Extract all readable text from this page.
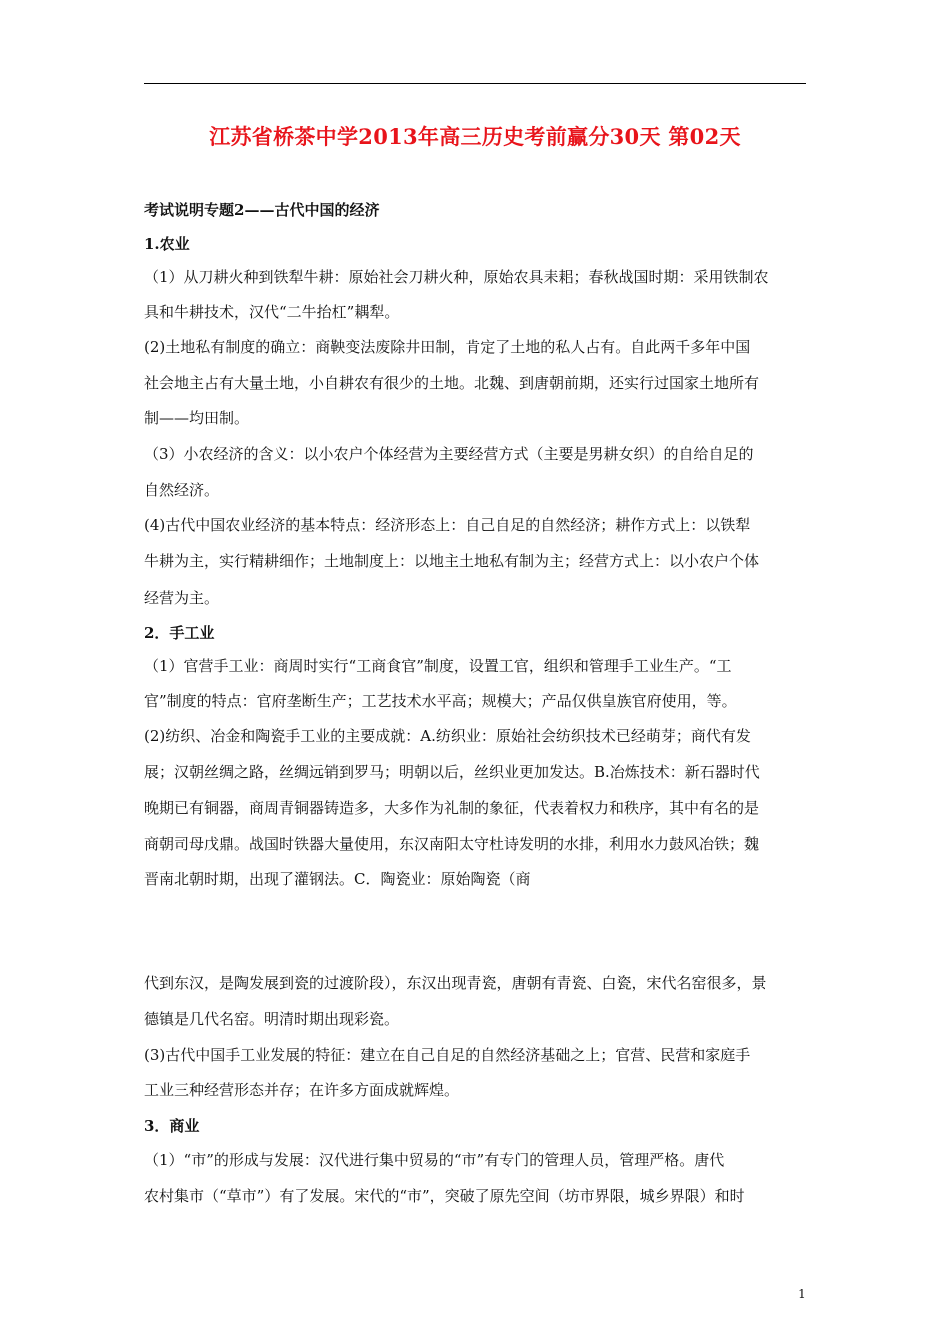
江苏省桥茶中学2013年高三历史考前赢分30天 第02天
考试说明专题2——古代中国的经济
1.农业
（1）从刀耕火种到铁犁牛耕：原始社会刀耕火种，原始农具耒耜；春秋战国时期：采用铁制农
具和牛耕技术，汉代“二牛抬杠”耦犁。
(2)土地私有制度的确立：商鞅变法废除井田制，肯定了土地的私人占有。自此两千多年中国
社会地主占有大量土地，小自耕农有很少的土地。北魏、到唐朝前期，还实行过国家土地所有
制——均田制。
（3）小农经济的含义：以小农户个体经营为主要经营方式（主要是男耕女织）的自给自足的
自然经济。
(4)古代中国农业经济的基本特点：经济形态上：自己自足的自然经济；耕作方式上：以铁犁
牛耕为主，实行精耕细作；土地制度上：以地主土地私有制为主；经营方式上：以小农户个体
经营为主。
2．手工业
（1）官营手工业：商周时实行“工商食官”制度，设置工官，组织和管理手工业生产。“工
官”制度的特点：官府垄断生产；工艺技术水平高；规模大；产品仅供皇族官府使用，等。
(2)纺织、冶金和陶瓷手工业的主要成就：A.纺织业：原始社会纺织技术已经萌芽；商代有发
展；汉朝丝绸之路，丝绸远销到罗马；明朝以后，丝织业更加发达。B.冶炼技术：新石器时代
晚期已有铜器，商周青铜器铸造多，大多作为礼制的象征，代表着权力和秩序，其中有名的是
商朝司母戊鼎。战国时铁器大量使用，东汉南阳太守杜诗发明的水排，利用水力鼓风冶铁；魏
晋南北朝时期，出现了灌钢法。C．陶瓷业：原始陶瓷（商
代到东汉，是陶发展到瓷的过渡阶段），东汉出现青瓷，唐朝有青瓷、白瓷，宋代名窑很多，景
德镇是几代名窑。明清时期出现彩瓷。
(3)古代中国手工业发展的特征：建立在自己自足的自然经济基础之上；官营、民营和家庭手
工业三种经营形态并存；在许多方面成就辉煌。
3．商业
（1）“市”的形成与发展：汉代进行集中贸易的“市”有专门的管理人员，管理严格。唐代
农村集市（“草市”）有了发展。宋代的“市”，突破了原先空间（坊市界限，城乡界限）和时
1
